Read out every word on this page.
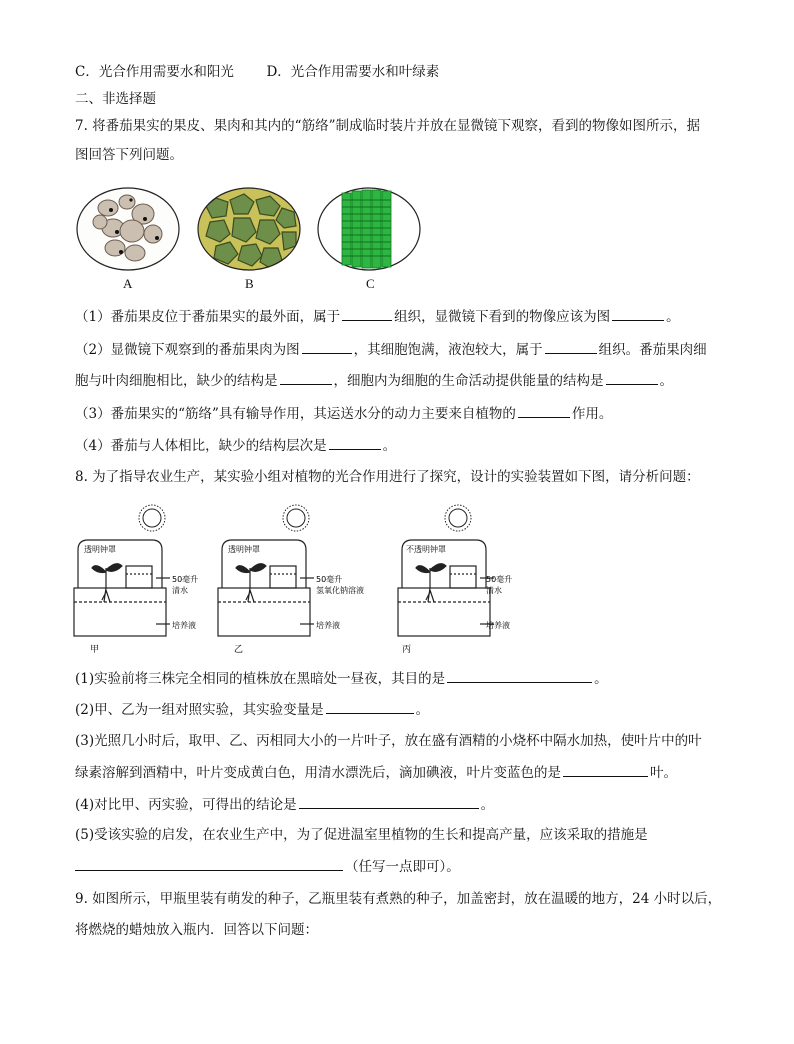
C．光合作用需要水和阳光 D．光合作用需要水和叶绿素
二、非选择题
7. 将番茄果实的果皮、果肉和其内的“筋络”制成临时装片并放在显微镜下观察，看到的物像如图所示，据
图回答下列问题。
A	B	C
（1）番茄果皮位于番茄果实的最外面，属于	组织，显微镜下看到的物像应该为图	。
（2）显微镜下观察到的番茄果肉为图	，其细胞饱满，液泡较大，属于	组织。番茄果肉细
胞与叶肉细胞相比，缺少的结构是	，细胞内为细胞的生命活动提供能量的结构是	。
（3）番茄果实的“筋络”具有输导作用，其运送水分的动力主要来自植物的	作用。
（4）番茄与人体相比，缺少的结构层次是	。
8. 为了指导农业生产，某实验小组对植物的光合作用进行了探究，设计的实验装置如下图，请分析问题：
透明钟罩
50毫升
清水
培养液
甲
透明钟罩
50毫升
氢氧化钠溶液
培养液
乙
不透明钟罩
50毫升
清水
培养液
丙
(1)实验前将三株完全相同的植株放在黑暗处一昼夜，其目的是	。
(2)甲、乙为一组对照实验，其实验变量是	。
(3)光照几小时后，取甲、乙、丙相同大小的一片叶子，放在盛有酒精的小烧杯中隔水加热，使叶片中的叶
绿素溶解到酒精中，叶片变成黄白色，用清水漂洗后，滴加碘液，叶片变蓝色的是	叶。
(4)对比甲、丙实验，可得出的结论是	。
(5)受该实验的启发，在农业生产中，为了促进温室里植物的生长和提高产量，应该采取的措施是
（任写一点即可）。
9. 如图所示，甲瓶里装有萌发的种子，乙瓶里装有煮熟的种子，加盖密封，放在温暖的地方，24 小时以后，
将燃烧的蜡烛放入瓶内．回答以下问题：
